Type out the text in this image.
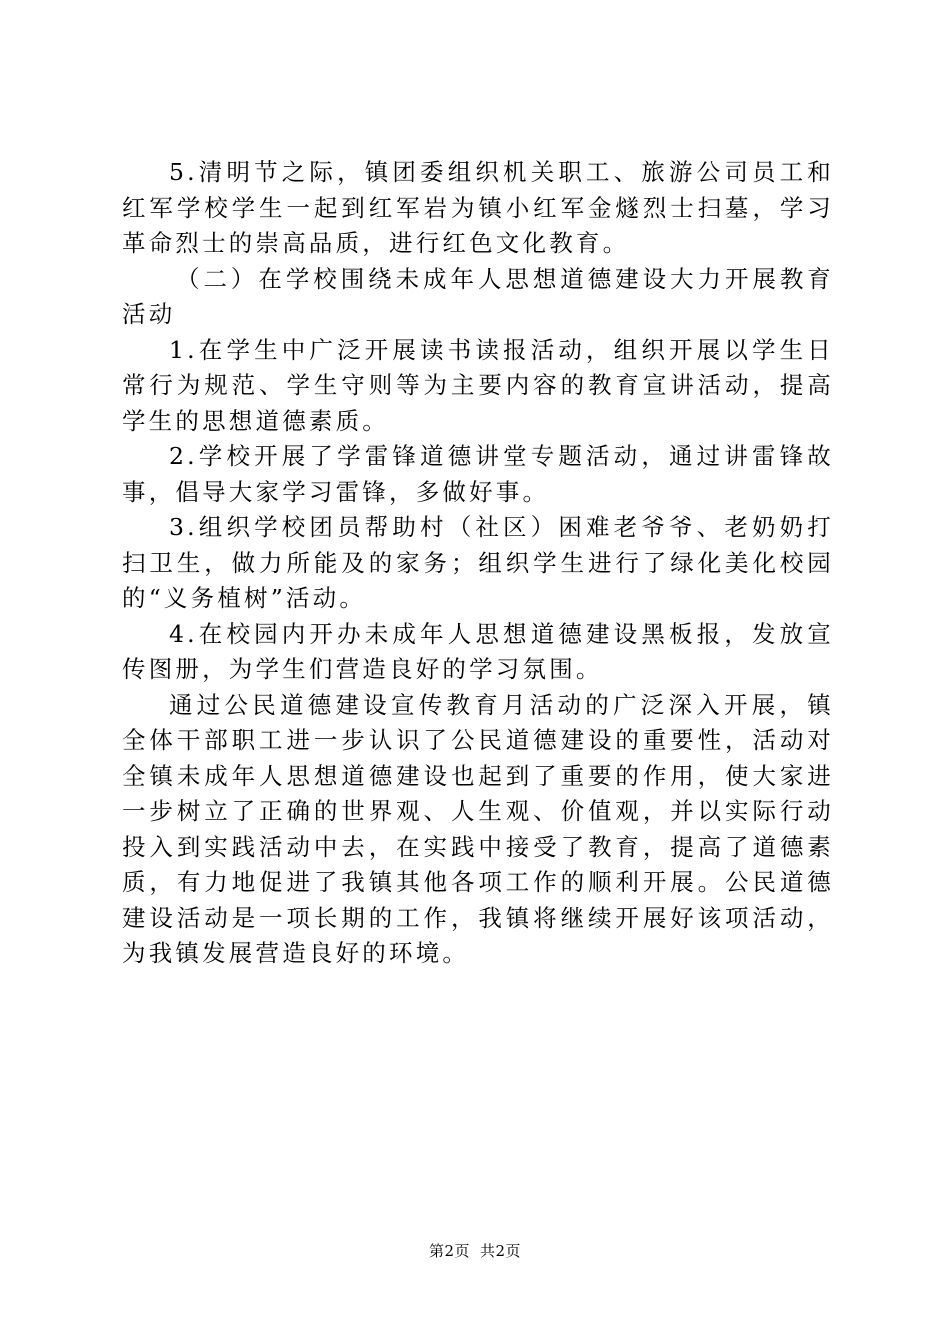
5.清明节之际，镇团委组织机关职工、旅游公司员工和红军学校学生一起到红军岩为镇小红军金燧烈士扫墓，学习革命烈士的崇高品质，进行红色文化教育。

（二）在学校围绕未成年人思想道德建设大力开展教育活动

1.在学生中广泛开展读书读报活动，组织开展以学生日常行为规范、学生守则等为主要内容的教育宣讲活动，提高学生的思想道德素质。

2.学校开展了学雷锋道德讲堂专题活动，通过讲雷锋故事，倡导大家学习雷锋，多做好事。

3.组织学校团员帮助村（社区）困难老爷爷、老奶奶打扫卫生，做力所能及的家务；组织学生进行了绿化美化校园的“义务植树”活动。

4.在校园内开办未成年人思想道德建设黑板报，发放宣传图册，为学生们营造良好的学习氛围。

通过公民道德建设宣传教育月活动的广泛深入开展，镇全体干部职工进一步认识了公民道德建设的重要性，活动对全镇未成年人思想道德建设也起到了重要的作用，使大家进一步树立了正确的世界观、人生观、价值观，并以实际行动投入到实践活动中去，在实践中接受了教育，提高了道德素质，有力地促进了我镇其他各项工作的顺利开展。公民道德建设活动是一项长期的工作，我镇将继续开展好该项活动，为我镇发展营造良好的环境。

第2页 共2页
